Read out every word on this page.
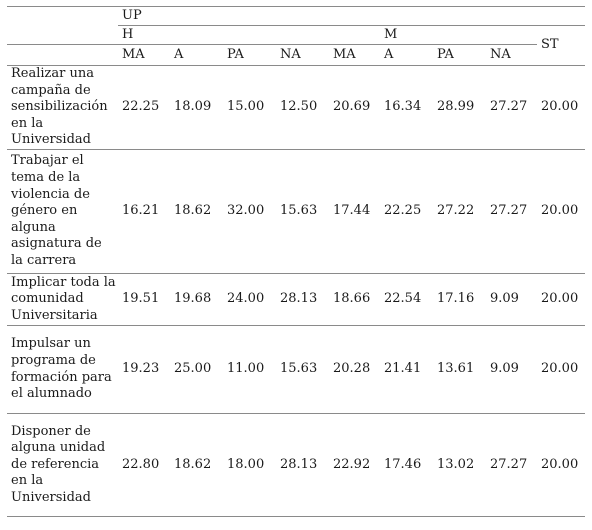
	UP								
	H					M			ST
	MA	A	PA	NA	MA	A	PA	NA	
Realizar una campaña de sensibilización en la Universidad	22.25	18.09	15.00	12.50	20.69	16.34	28.99	27.27	20.00
Trabajar el tema de la violencia de género en alguna asignatura de la carrera	16.21	18.62	32.00	15.63	17.44	22.25	27.22	27.27	20.00
Implicar toda la comunidad Universitaria	19.51	19.68	24.00	28.13	18.66	22.54	17.16	9.09	20.00
Impulsar un programa de formación para el alumnado	19.23	25.00	11.00	15.63	20.28	21.41	13.61	9.09	20.00
Disponer de alguna unidad de referencia en la Universidad	22.80	18.62	18.00	28.13	22.92	17.46	13.02	27.27	20.00
